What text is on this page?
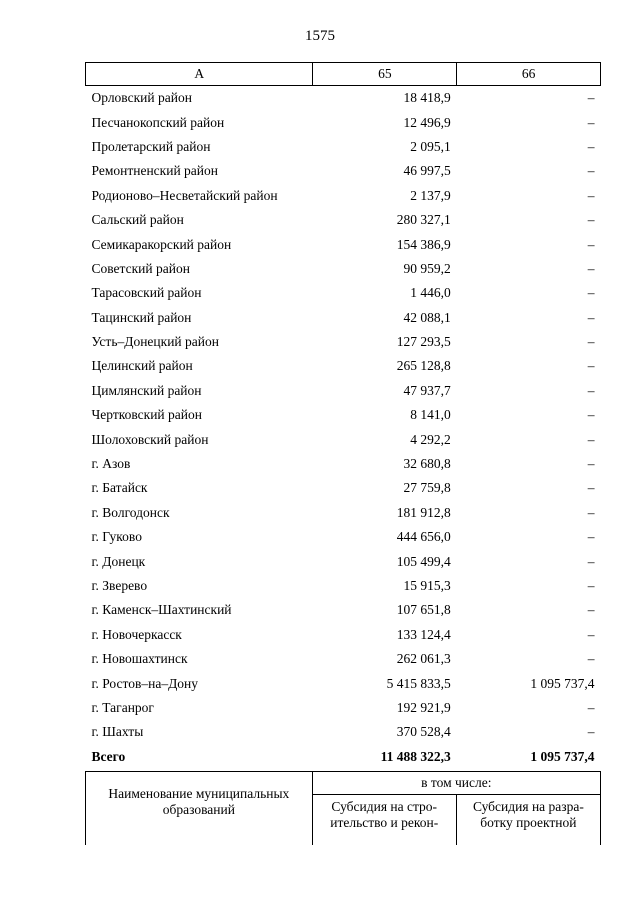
1575
А	65	66
Орловский район	18 418,9	–
Песчанокопский район	12 496,9	–
Пролетарский район	2 095,1	–
Ремонтненский район	46 997,5	–
Родионово–Несветайский район	2 137,9	–
Сальский район	280 327,1	–
Семикаракорский район	154 386,9	–
Советский район	90 959,2	–
Тарасовский район	1 446,0	–
Тацинский район	42 088,1	–
Усть–Донецкий район	127 293,5	–
Целинский район	265 128,8	–
Цимлянский район	47 937,7	–
Чертковский район	8 141,0	–
Шолоховский район	4 292,2	–
г. Азов	32 680,8	–
г. Батайск	27 759,8	–
г. Волгодонск	181 912,8	–
г. Гуково	444 656,0	–
г. Донецк	105 499,4	–
г. Зверево	15 915,3	–
г. Каменск–Шахтинский	107 651,8	–
г. Новочеркасск	133 124,4	–
г. Новошахтинск	262 061,3	–
г. Ростов–на–Дону	5 415 833,5	1 095 737,4
г. Таганрог	192 921,9	–
г. Шахты	370 528,4	–
Всего	11 488 322,3	1 095 737,4
Наименование муниципальных образований	в том числе:	
	Субсидия на стро-ительство и рекон-	Субсидия на разра-ботку проектной
